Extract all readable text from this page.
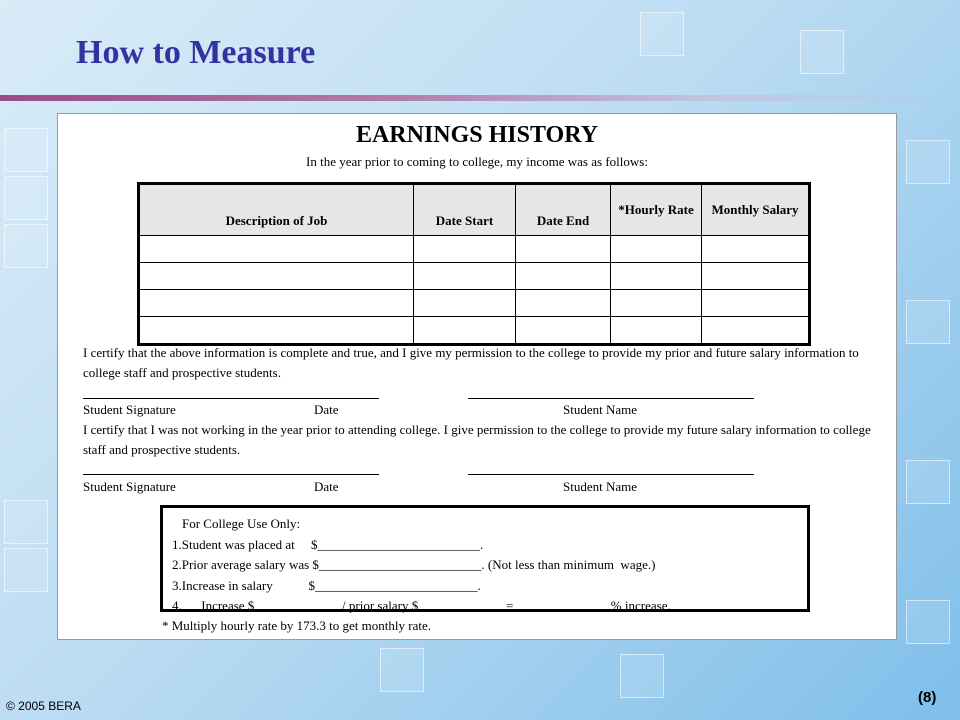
How to Measure
EARNINGS HISTORY
In the year prior to coming to college, my income was as follows:
Description of Job	Date Start	Date End	*Hourly Rate	Monthly Salary

I certify that the above information is complete and true, and I give my permission to the college to provide my prior and future salary information to college staff and prospective students.
Student Signature	Date	Student Name
I certify that I was not working in the year prior to attending college. I give permission to the college to provide my future salary information to college staff and prospective students.
Student Signature	Date	Student Name
For College Use Only:
1.Student was placed at     $_________________________.
2.Prior average salary was $_________________________. (Not less than minimum  wage.)
3.Increase in salary           $_________________________.
4.      Increase $_____________ / prior salary $_____________ = ______________ % increase.
* Multiply hourly rate by 173.3 to get monthly rate.
© 2005 BERA	(8)
